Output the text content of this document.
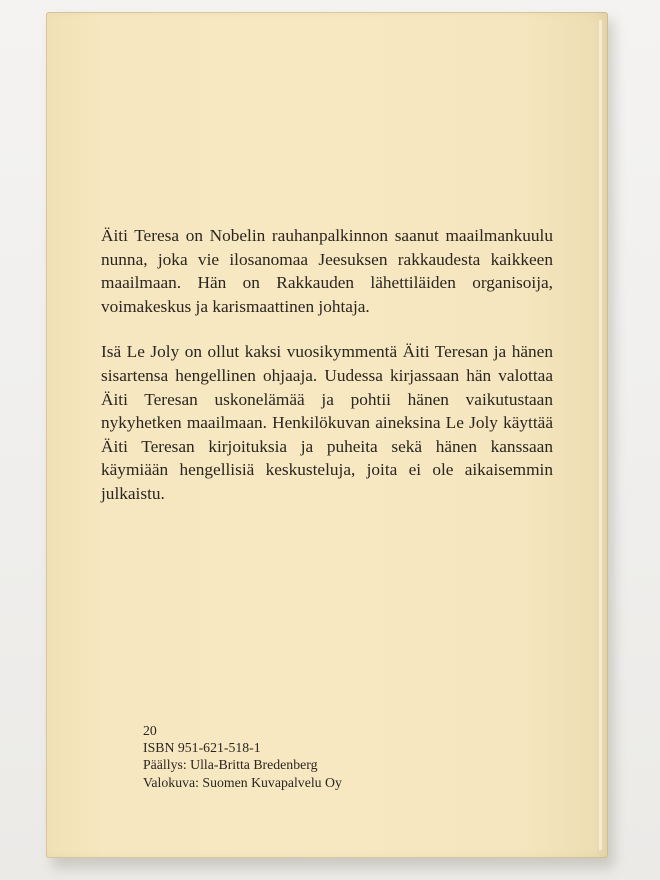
Äiti Teresa on Nobelin rauhanpalkinnon saanut maailmankuulu nunna, joka vie ilosanomaa Jeesuksen rakkaudesta kaikkeen maailmaan. Hän on Rakkauden lähettiläiden organisoija, voimakeskus ja karismaattinen johtaja.

Isä Le Joly on ollut kaksi vuosikymmentä Äiti Teresan ja hänen sisartensa hengellinen ohjaaja. Uudessa kirjassaan hän valottaa Äiti Teresan uskonelämää ja pohtii hänen vaikutustaan nykyhetken maailmaan. Henkilökuvan aineksina Le Joly käyttää Äiti Teresan kirjoituksia ja puheita sekä hänen kanssaan käymiään hengellisiä keskusteluja, joita ei ole aikaisemmin julkaistu.

20
ISBN 951-621-518-1
Päällys: Ulla-Britta Bredenberg
Valokuva: Suomen Kuvapalvelu Oy
